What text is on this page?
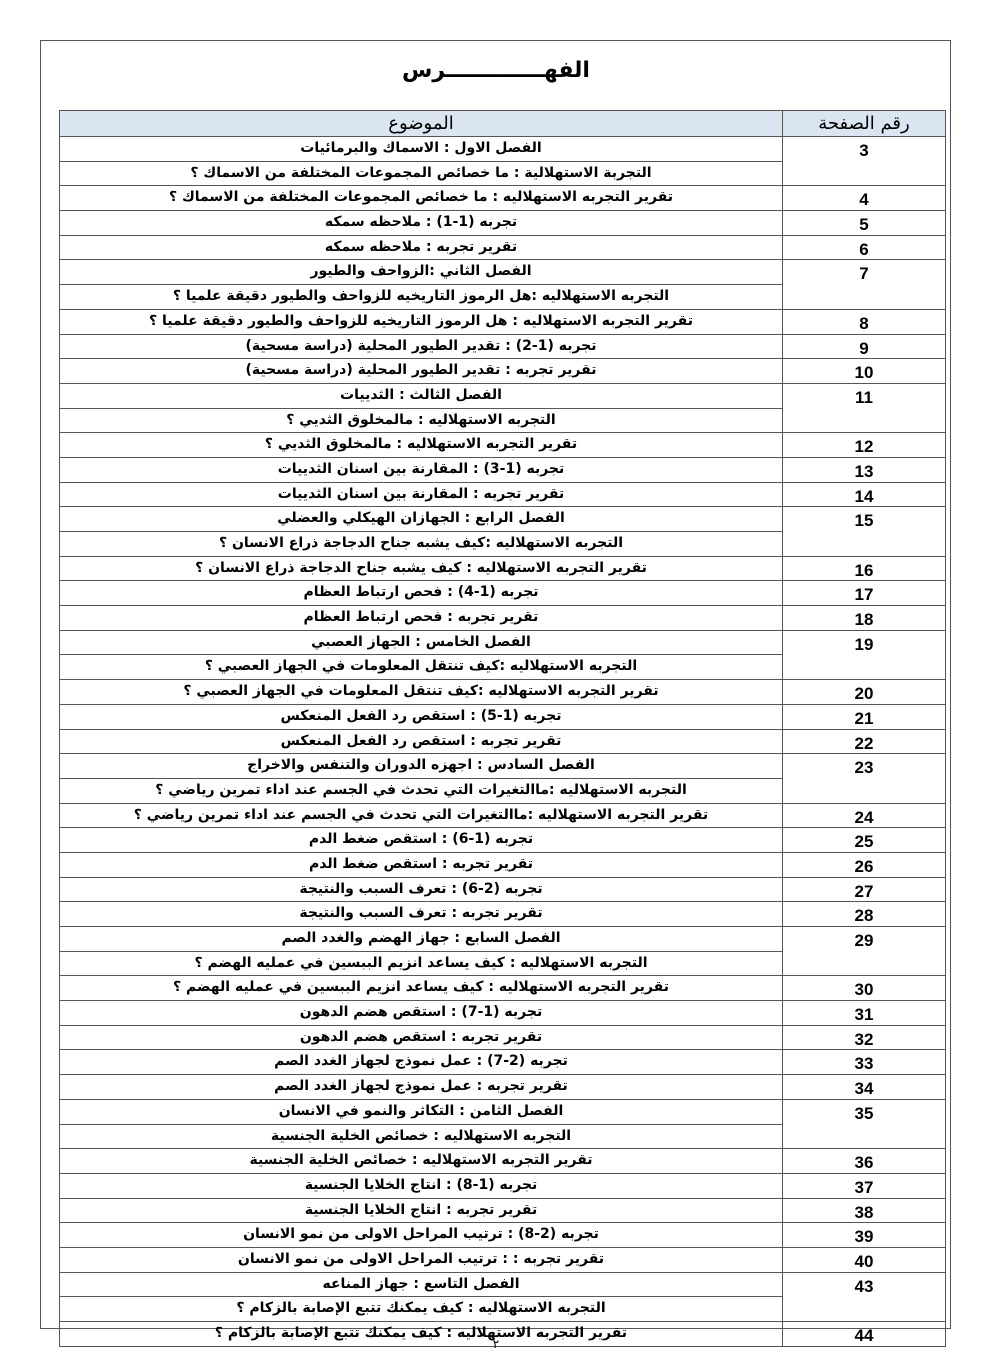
الفهـــــــــــــرس
رقم الصفحة	الموضوع

3	الفصل الاول : الاسماك والبرمائيات
التجربة الاستهلالية : ما خصائص المجموعات المختلفة من الاسماك ؟

4	تقرير التجربه الاستهلاليه : ما خصائص المجموعات المختلفة من الاسماك ؟

5	تجربه (1-1) : ملاحظه سمكه

6	تقرير تجربه : ملاحظه سمكه

7	الفصل الثاني :الزواحف والطيور
التجربه الاستهلاليه :هل الرموز التاريخيه للزواحف والطيور دقيقة علميا ؟

8	تقرير التجربه الاستهلاليه : هل الرموز التاريخيه للزواحف والطيور دقيقة علميا ؟

9	تجربه (1-2) : تقدير الطيور المحلية (دراسة مسحية)

10	تقرير تجربه : تقدير الطيور المحلية (دراسة مسحية)

11	الفصل الثالث : الثدييات
التجربه الاستهلاليه : مالمخلوق الثديي ؟

12	تقرير التجربه الاستهلاليه : مالمخلوق الثديي ؟

13	تجربه (1-3) : المقارنة بين اسنان الثدييات

14	تقرير تجربه : المقارنة بين اسنان الثدييات

15	الفصل الرابع : الجهازان الهيكلي والعضلي
التجربه الاستهلاليه :كيف يشبه جناح الدجاجة ذراع الانسان ؟

16	تقرير التجربه الاستهلاليه : كيف يشبه جناح الدجاجة ذراع الانسان ؟

17	تجربه (1-4) : فحص ارتباط العظام

18	تقرير تجربه : فحص ارتباط العظام

19	الفصل الخامس : الجهاز العصبي
التجربه الاستهلاليه :كيف تنتقل المعلومات في الجهاز العصبي ؟

20	تقرير التجربه الاستهلاليه :كيف تنتقل المعلومات في الجهاز العصبي ؟

21	تجربه (1-5) : استقص رد الفعل المنعكس

22	تقرير تجربه : استقص رد الفعل المنعكس

23	الفصل السادس : اجهزه الدوران والتنفس والاخراج
التجربه الاستهلاليه :ماالتغيرات التي تحدث في الجسم عند اداء تمرين رياضي ؟

24	تقرير التجربه الاستهلاليه :ماالتغيرات التي تحدث في الجسم عند اداء تمرين رياضي ؟

25	تجربه (1-6) : استقص ضغط الدم

26	تقرير تجربه : استقص ضغط الدم

27	تجربه (2-6) : تعرف السبب والنتيجة

28	تقرير تجربه : تعرف السبب والنتيجة

29	الفصل السابع : جهاز الهضم والغدد الصم
التجربه الاستهلاليه : كيف يساعد انزيم الببسين في عمليه الهضم ؟

30	تقرير التجربه الاستهلاليه : كيف يساعد انزيم الببسين في عمليه الهضم ؟

31	تجربه (1-7) : استقص هضم الدهون

32	تقرير تجربه : استقص هضم الدهون

33	تجربه (2-7) : عمل نموذج لجهاز الغدد الصم

34	تقرير تجربه : عمل نموذج لجهاز الغدد الصم

35	الفصل الثامن : التكاثر والنمو في الانسان
التجربه الاستهلاليه : خصائص الخلية الجنسية

36	تقرير التجربه الاستهلاليه : خصائص الخلية الجنسية

37	تجربه (1-8) : انتاج الخلايا الجنسية

38	تقرير تجربه : انتاج الخلايا الجنسية

39	تجربه (2-8) : ترتيب المراحل الاولى من نمو الانسان

40	تقرير تجربه : : ترتيب المراحل الاولى من نمو الانسان

43	الفصل التاسع : جهاز المناعه
التجربه الاستهلاليه : كيف يمكنك تتبع الإصابة بالزكام ؟

44	تقرير التجربه الاستهلاليه : كيف يمكنك تتبع الإصابة بالزكام ؟
٢
